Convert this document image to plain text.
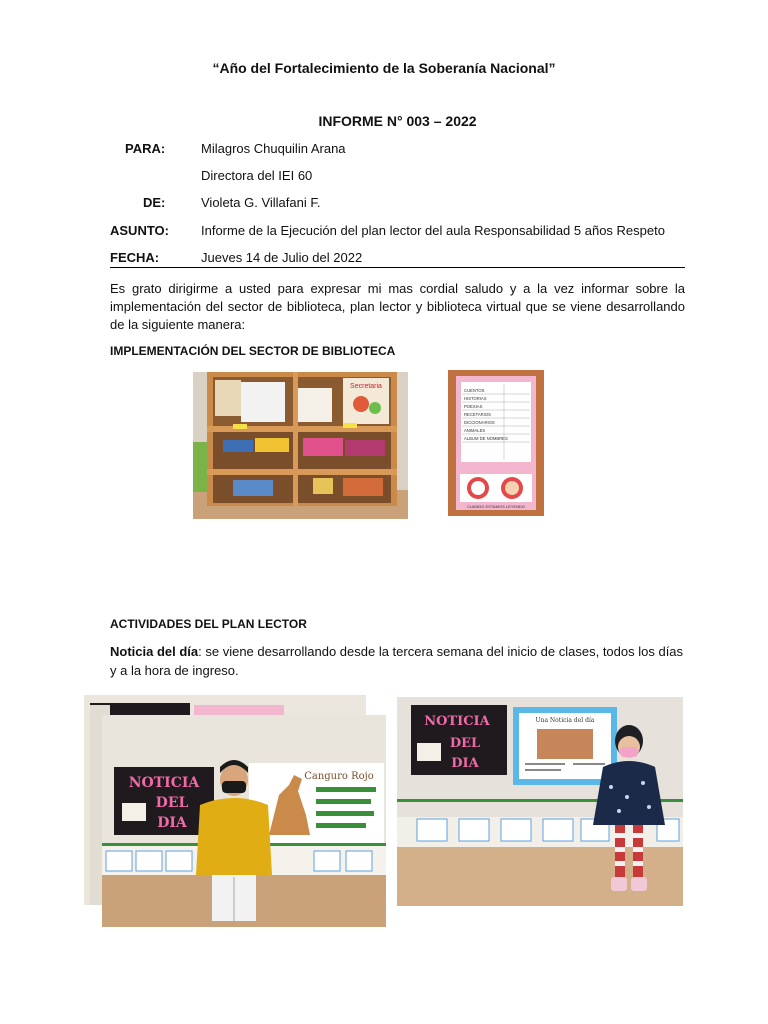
“Año del Fortalecimiento de la Soberanía Nacional”
INFORME N° 003 – 2022
PARA:	Milagros Chuquilin Arana
Directora del IEI 60
DE:	Violeta G. Villafani F.
ASUNTO: Informe de la Ejecución del plan lector del aula Responsabilidad 5 años Respeto
FECHA:	Jueves 14 de Julio del 2022
Es grato dirigirme a usted para expresar mi mas cordial saludo y a la vez informar sobre la implementación del sector de biblioteca, plan lector y biblioteca virtual que se viene desarrollando de la siguiente manera:
IMPLEMENTACIÓN DEL SECTOR DE BIBLIOTECA
Secretaria
CUENTOS
HISTORIAS
POESIAS
RECETARIOS
DICCIONARIOS
ANIMALES
ALBUM DE NOMBRES
CUANDO ESTAMOS LEYENDO
ACTIVIDADES DEL PLAN LECTOR
Noticia del día: se viene desarrollando desde la tercera semana del inicio de clases, todos los días y a la hora de ingreso.
NOTICIA
DEL
DIA
Canguro Rojo
NOTICIA
DEL
DIA
Una Noticia del día
